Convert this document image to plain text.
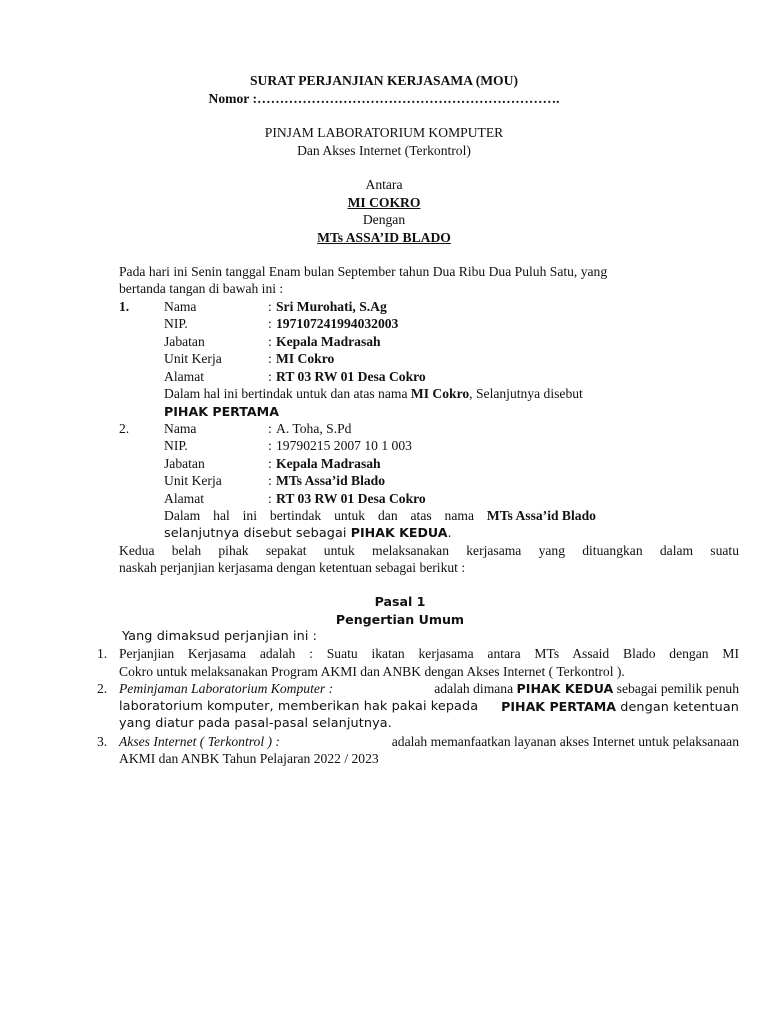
SURAT PERJANJIAN KERJASAMA (MOU)
Nomor :………………………………………………………….
PINJAM LABORATORIUM KOMPUTER
Dan Akses Internet (Terkontrol)
Antara
MI COKRO
Dengan
MTs ASSA’ID BLADO
Pada hari ini Senin tanggal Enam bulan September tahun Dua Ribu Dua Puluh Satu, yang
bertanda tangan di bawah ini :
1.	Nama	: Sri Murohati, S.Ag
NIP.	: 197107241994032003
Jabatan	: Kepala Madrasah
Unit Kerja	: MI Cokro
Alamat	: RT 03 RW 01 Desa Cokro
Dalam hal ini bertindak untuk dan atas nama MI Cokro, Selanjutnya disebut
PIHAK PERTAMA
2.	Nama	: A. Toha, S.Pd
NIP.	: 19790215 2007 10 1 003
Jabatan	: Kepala Madrasah
Unit Kerja	: MTs Assa’id Blado
Alamat	: RT 03 RW 01 Desa Cokro
Dalam hal ini bertindak untuk dan atas nama MTs Assa’id Blado
selanjutnya disebut sebagai PIHAK KEDUA.
Kedua belah pihak sepakat untuk melaksanakan kerjasama yang dituangkan dalam suatu
naskah perjanjian kerjasama dengan ketentuan sebagai berikut :
Pasal 1
Pengertian Umum
Yang dimaksud perjanjian ini :
1. Perjanjian Kerjasama adalah : Suatu ikatan kerjasama antara MTs Assaid Blado dengan MI
Cokro untuk melaksanakan Program AKMI dan ANBK dengan Akses Internet ( Terkontrol ).
2. Peminjaman Laboratorium Komputer :	adalah dimana PIHAK KEDUA sebagai pemilik penuh
laboratorium komputer, memberikan hak pakai kepada PIHAK PERTAMA dengan ketentuan
yang diatur pada pasal-pasal selanjutnya.
3. Akses Internet ( Terkontrol ) :	adalah memanfaatkan layanan akses Internet untuk pelaksanaan
AKMI dan ANBK Tahun Pelajaran 2022 / 2023
